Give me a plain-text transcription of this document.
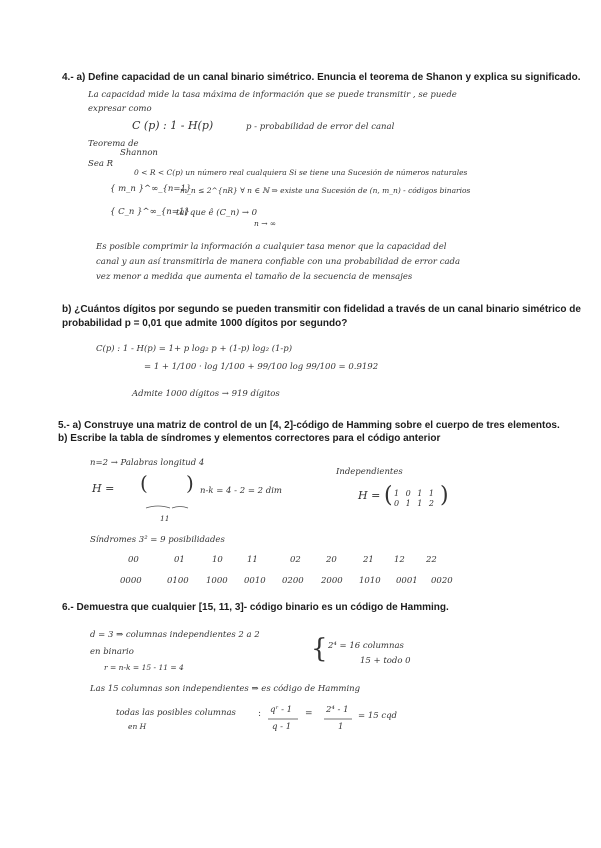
4.- a) Define capacidad de un canal binario simétrico. Enuncia el teorema de Shanon y explica su significado.
La capacidad mide la tasa máxima de información que se puede transmitir , se puede
expresar como
C (p) : 1 - H(p)	p - probabilidad de error del canal
Teorema de
Shannon
Sea R
0 < R < C(p) un número real cualquiera Si se tiene una Sucesión de números naturales
{ m_n }^∞_{n=1}
m_n ≤ 2^{nR} ∀ n ∈ ℕ ⇒ existe una Sucesión de (n, m_n) - códigos binarios
{ C_n }^∞_{n=1}
tal que ê (C_n) → 0
n → ∞
Es posible comprimir la información a cualquier tasa menor que la capacidad del
canal y aun así transmitirla de manera confiable con una probabilidad de error cada
vez menor a medida que aumenta el tamaño de la secuencia de mensajes
b) ¿Cuántos dígitos por segundo se pueden transmitir con fidelidad a través de un canal binario simétrico de
probabilidad p = 0,01 que admite 1000 dígitos por segundo?
C(p) : 1 - H(p) = 1+ p log₂ p + (1-p) log₂ (1-p)
= 1 + 1/100 · log 1/100 + 99/100 log 99/100 = 0.9192
Admite 1000 dígitos → 919 dígitos
5.- a) Construye una matriz de control de un [4, 2]-código de Hamming sobre el cuerpo de tres elementos.
b) Escribe la tabla de síndromes y elementos correctores para el código anterior
n=2 → Palabras longitud 4
Independientes
H = ( ) n-k = 4 - 2 = 2 dim
11
H = ( 1 0 1 1
0 1 1 2 )
Síndromes 3² = 9 posibilidades
00	01	10	11	02	20	21 12 22
0000	0100 1000 0010 0200 2000 1010 0001 0020
6.- Demuestra que cualquier [15, 11, 3]- código binario es un código de Hamming.
d = 3 ⇒ columnas independientes 2 a 2
en binario
r = n-k = 15 - 11 = 4
{ 2⁴ = 16 columnas
15 + todo 0
Las 15 columnas son independientes ⇒ es código de Hamming
todas las posibles columnas
en H
qʳ - 1
q - 1
2⁴ - 1
1
= 15 cqd
:	=
